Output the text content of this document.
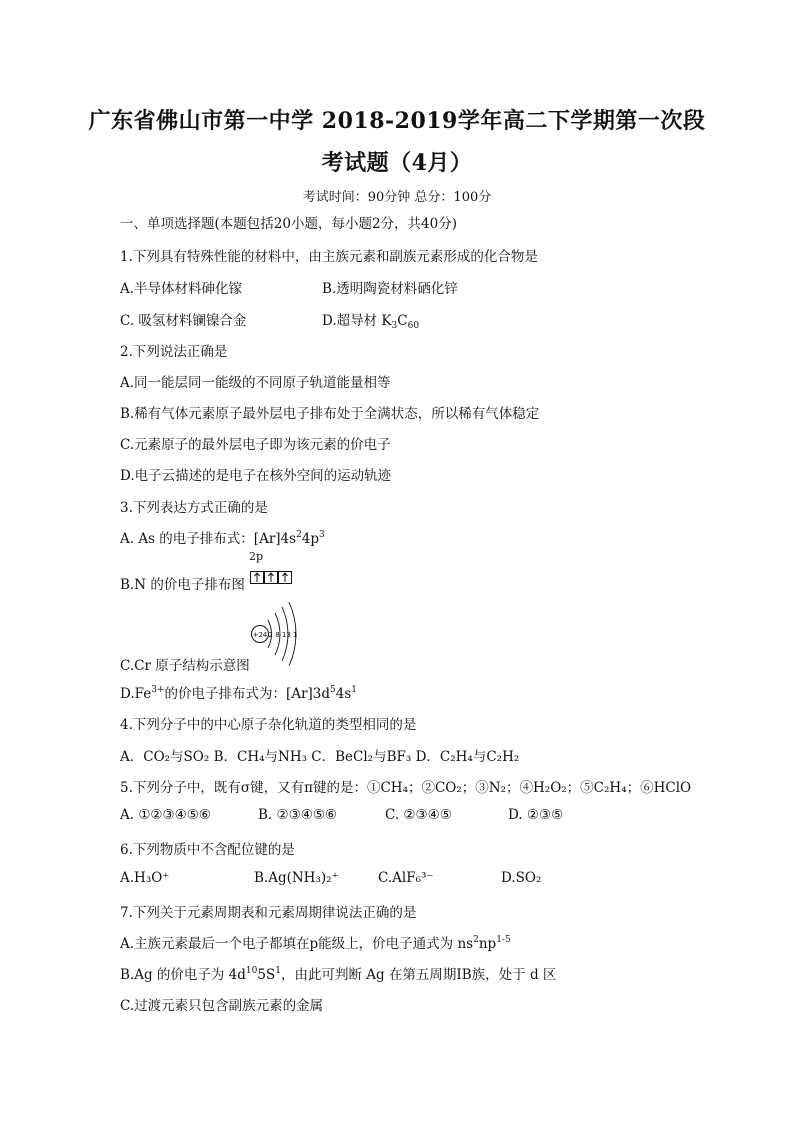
广东省佛山市第一中学 2018-2019学年高二下学期第一次段
考试题（4月）
考试时间：90分钟 总分：100分
一、单项选择题(本题包括20小题，每小题2分，共40分)
1.下列具有特殊性能的材料中，由主族元素和副族元素形成的化合物是
A.半导体材料砷化镓	B.透明陶瓷材料硒化锌
C. 吸氢材料镧镍合金	D.超导材 $K_3C_{60}$
2.下列说法正确是
A.同一能层同一能级的不同原子轨道能量相等
B.稀有气体元素原子最外层电子排布处于全满状态，所以稀有气体稳定
C.元素原子的最外层电子即为该元素的价电子
D.电子云描述的是电子在核外空间的运动轨迹
3.下列表达方式正确的是
A. As 的电子排布式：$[Ar]4s^24p^3$
2p
B.N 的价电子排布图
+24 2 8 13 1
C.Cr 原子结构示意图
$D.Fe^{3+}$的价电子排布式为：$[Ar]3d^54s^1$
4.下列分子中的中心原子杂化轨道的类型相同的是
A．CO₂与SO₂ B．CH₄与NH₃ C．BeCl₂与BF₃ D．C₂H₄与C₂H₂
5.下列分子中，既有σ键，又有π键的是：①CH₄；②CO₂；③N₂；④H₂O₂；⑤C₂H₄；⑥HClO
A. ①②③④⑤⑥	B. ②③④⑤⑥	C. ②③④⑤	D. ②③⑤
6.下列物质中不含配位键的是
A.H₃O⁺	B.Ag(NH₃)₂⁺	C.AlF₆³⁻	D.SO₂
7.下列关于元素周期表和元素周期律说法正确的是
A.主族元素最后一个电子都填在p能级上，价电子通式为 $ns^2np^{1-5}$
B.Ag 的价电子为 $4d^{10}5S^1$，由此可判断 Ag 在第五周期ⅠB族，处于 d 区
C.过渡元素只包含副族元素的金属
